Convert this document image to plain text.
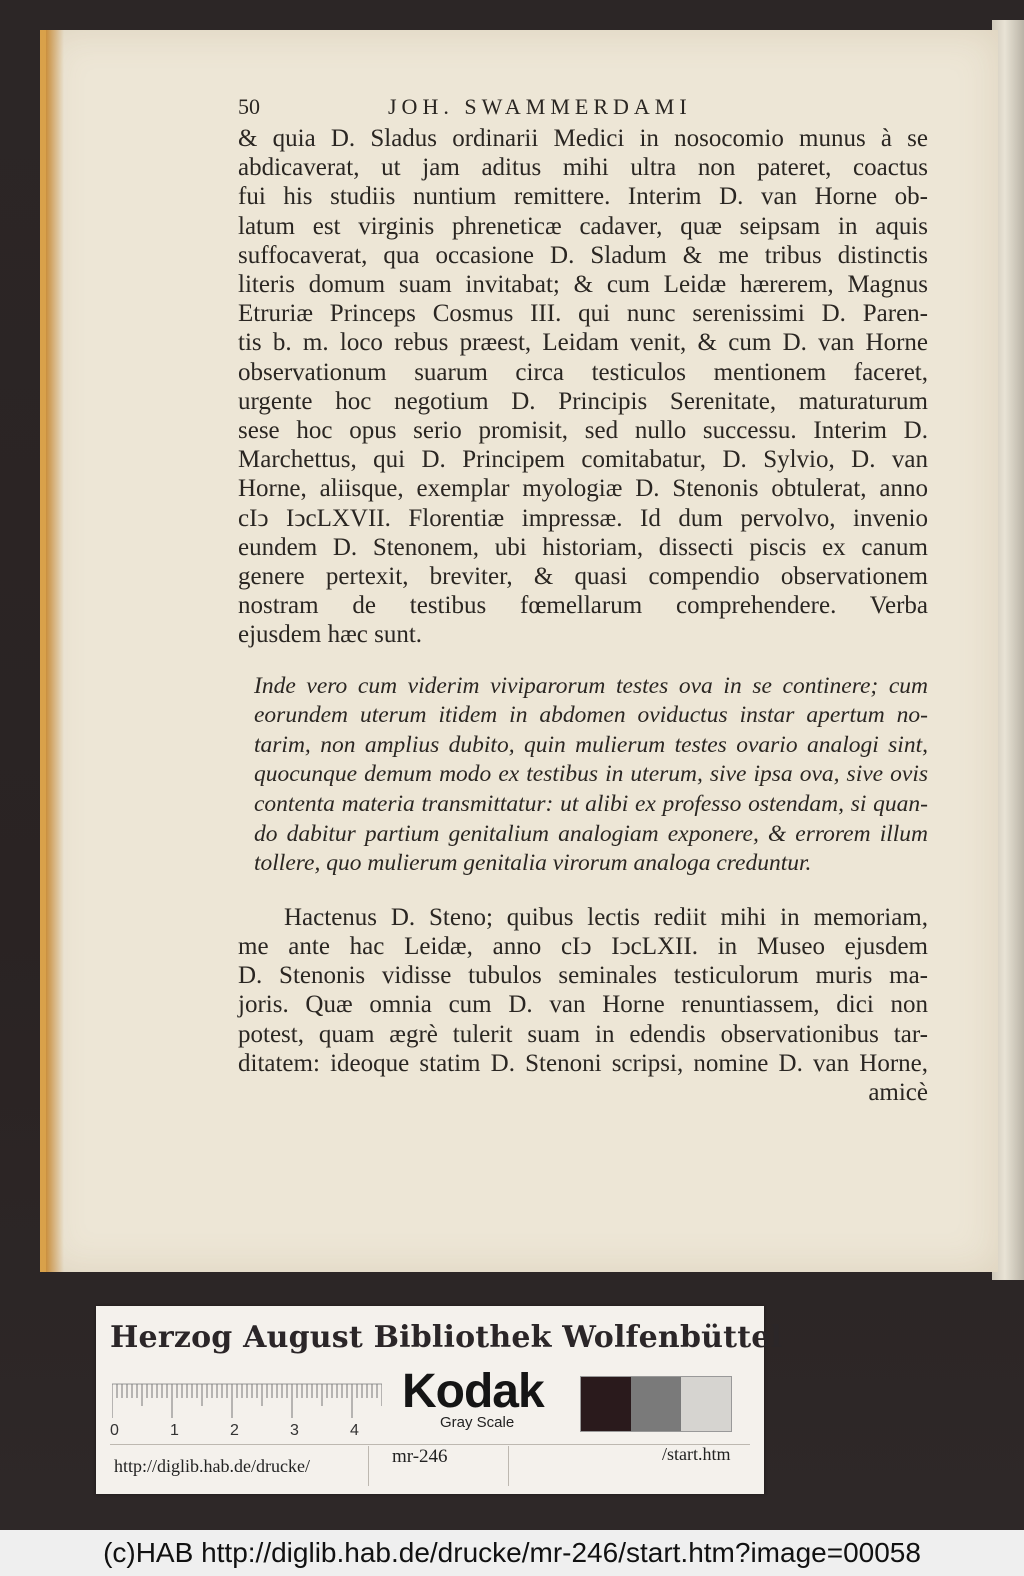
50	JOH. SWAMMERDAMI

& quia D. Sladus ordinarii Medici in nosocomio munus à se
abdicaverat, ut jam aditus mihi ultra non pateret, coactus
fui his studiis nuntium remittere. Interim D. van Horne ob-
latum est virginis phreneticæ cadaver, quæ seipsam in aquis
suffocaverat, qua occasione D. Sladum & me tribus distinctis
literis domum suam invitabat; & cum Leidæ hærerem, Magnus
Etruriæ Princeps Cosmus III. qui nunc serenissimi D. Paren-
tis b. m. loco rebus præest, Leidam venit, & cum D. van Horne
observationum suarum circa testiculos mentionem faceret,
urgente hoc negotium D. Principis Serenitate, maturaturum
sese hoc opus serio promisit, sed nullo successu. Interim D.
Marchettus, qui D. Principem comitabatur, D. Sylvio, D. van
Horne, aliisque, exemplar myologiæ D. Stenonis obtulerat, anno
cIↄ IↄcLXVII. Florentiæ impressæ. Id dum pervolvo, invenio
eundem D. Stenonem, ubi historiam, dissecti piscis ex canum
genere pertexit, breviter, & quasi compendio observationem
nostram de testibus fœmellarum comprehendere. Verba
ejusdem hæc sunt.

Inde vero cum viderim viviparorum testes ova in se continere; cum
eorundem uterum itidem in abdomen oviductus instar apertum no-
tarim, non amplius dubito, quin mulierum testes ovario analogi sint,
quocunque demum modo ex testibus in uterum, sive ipsa ova, sive ovis
contenta materia transmittatur: ut alibi ex professo ostendam, si quan-
do dabitur partium genitalium analogiam exponere, & errorem illum
tollere, quo mulierum genitalia virorum analoga creduntur.

Hactenus D. Steno; quibus lectis rediit mihi in memoriam,
me ante hac Leidæ, anno cIↄ IↄcLXII. in Museo ejusdem
D. Stenonis vidisse tubulos seminales testiculorum muris ma-
joris. Quæ omnia cum D. van Horne renuntiassem, dici non
potest, quam ægrè tulerit suam in edendis observationibus tar-
ditatem: ideoque statim D. Stenoni scripsi, nomine D. van Horne,
amicè

Herzog August Bibliothek Wolfenbüttel
0	1	2	3	4
Kodak
Gray Scale
http://diglib.hab.de/drucke/	mr-246	/start.htm
(c)HAB http://diglib.hab.de/drucke/mr-246/start.htm?image=00058
